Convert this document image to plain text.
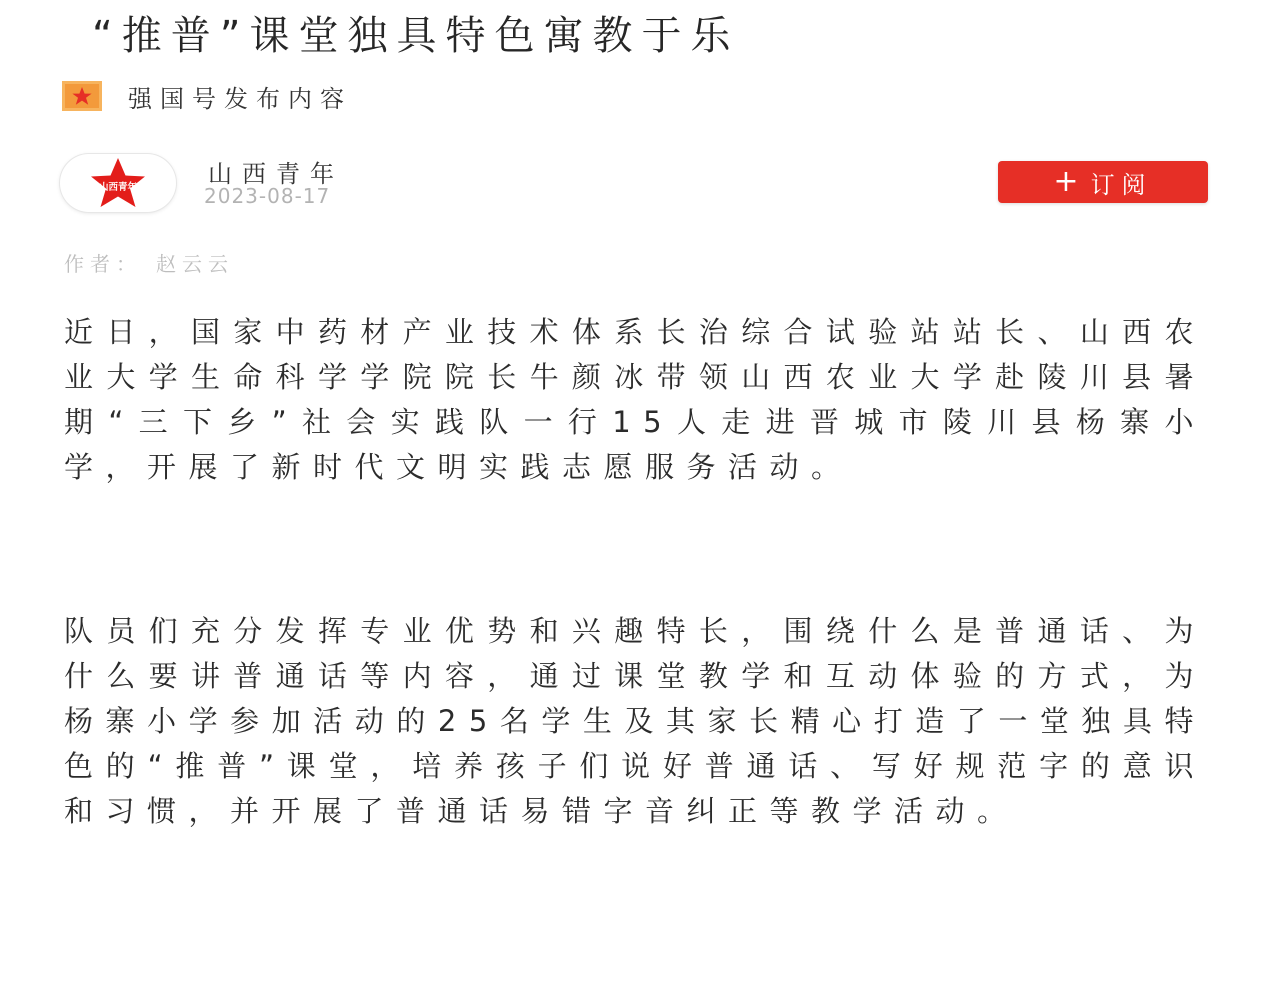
“推普”课堂独具特色寓教于乐
强国号发布内容
山西青年	山西青年
2023-08-17	+ 订阅
作者： 赵云云

近日，国家中药材产业技术体系长治综合试验站站长、山西农业大学生命科学学院院长牛颜冰带领山西农业大学赴陵川县暑期“三下乡”社会实践队一行15人走进晋城市陵川县杨寨小学，开展了新时代文明实践志愿服务活动。

队员们充分发挥专业优势和兴趣特长，围绕什么是普通话、为什么要讲普通话等内容，通过课堂教学和互动体验的方式，为杨寨小学参加活动的25名学生及其家长精心打造了一堂独具特色的“推普”课堂，培养孩子们说好普通话、写好规范字的意识和习惯，并开展了普通话易错字音纠正等教学活动。
